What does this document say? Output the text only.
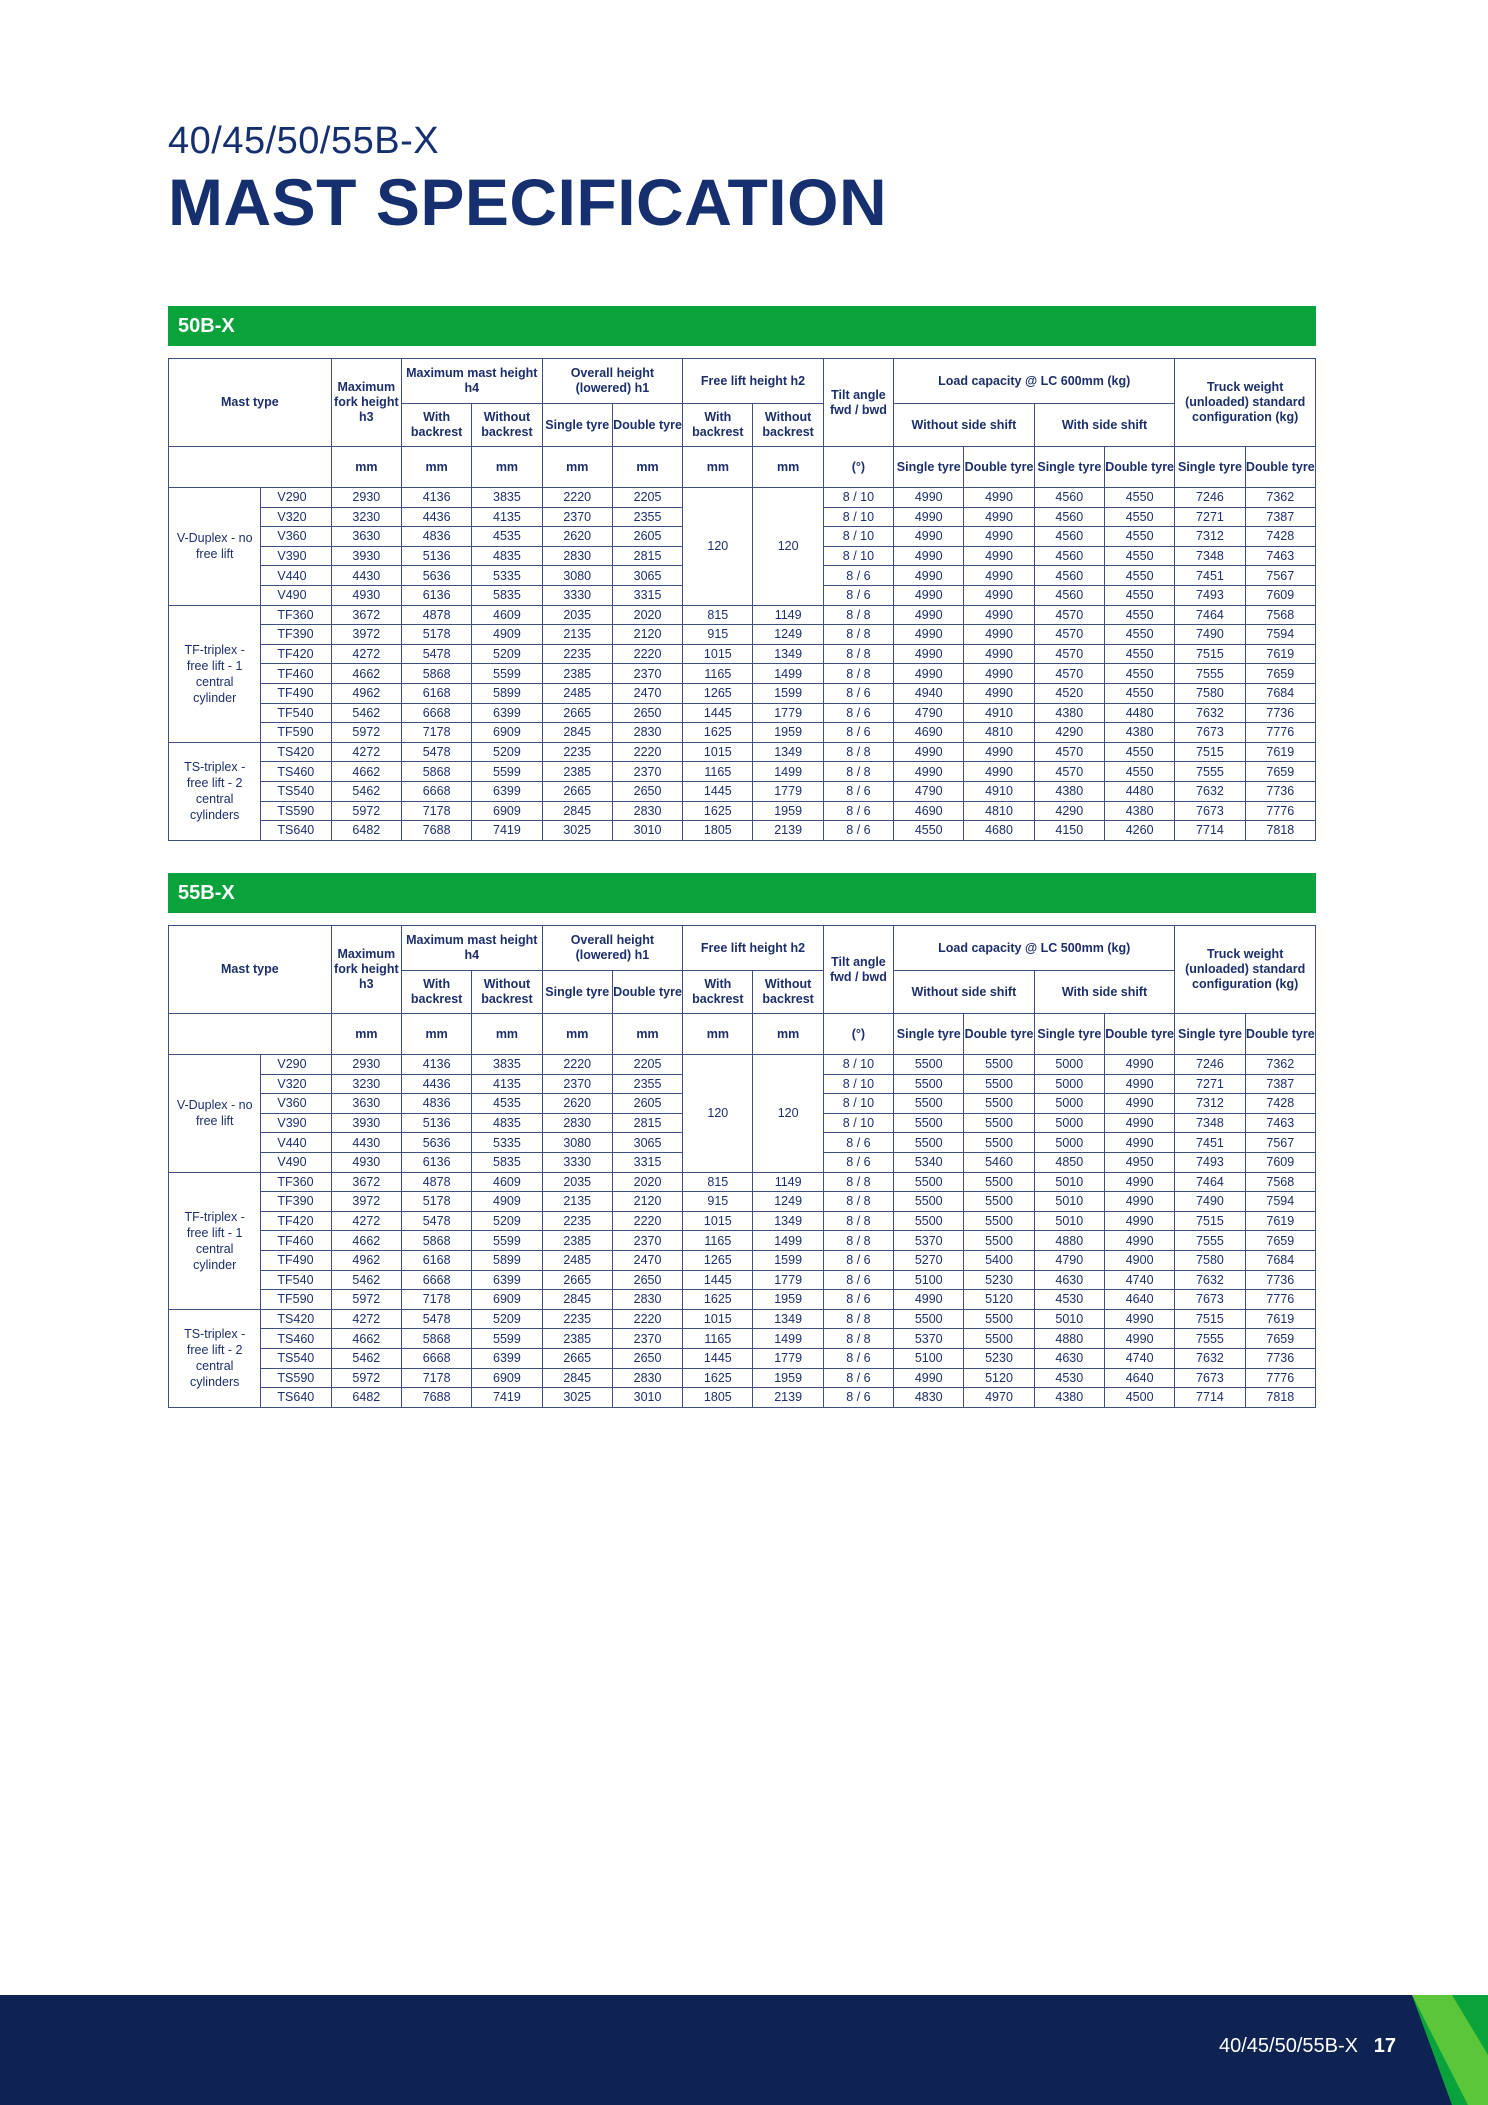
40/45/50/55B-X
MAST SPECIFICATION
50B-X
Mast type		Maximum fork height h3	Maximum mast height h4		Overall height (lowered) h1		Free lift height h2		Tilt angle fwd / bwd	Load capacity @ LC 600mm (kg)				Truck weight (unloaded) standard configuration (kg)	
			With backrest	Without backrest	Single tyre	Double tyre	With backrest	Without backrest		Without side shift		With side shift			
		mm	mm	mm	mm	mm	mm	mm	(°)	Single tyre	Double tyre	Single tyre	Double tyre	Single tyre	Double tyre
V-Duplex - no free lift	V290	2930	4136	3835	2220	2205	120	120	8 / 10	4990	4990	4560	4550	7246	7362
	V320	3230	4436	4135	2370	2355			8 / 10	4990	4990	4560	4550	7271	7387
	V360	3630	4836	4535	2620	2605			8 / 10	4990	4990	4560	4550	7312	7428
	V390	3930	5136	4835	2830	2815			8 / 10	4990	4990	4560	4550	7348	7463
	V440	4430	5636	5335	3080	3065			8 / 6	4990	4990	4560	4550	7451	7567
	V490	4930	6136	5835	3330	3315			8 / 6	4990	4990	4560	4550	7493	7609
TF-triplex - free lift - 1 central cylinder	TF360	3672	4878	4609	2035	2020	815	1149	8 / 8	4990	4990	4570	4550	7464	7568
	TF390	3972	5178	4909	2135	2120	915	1249	8 / 8	4990	4990	4570	4550	7490	7594
	TF420	4272	5478	5209	2235	2220	1015	1349	8 / 8	4990	4990	4570	4550	7515	7619
	TF460	4662	5868	5599	2385	2370	1165	1499	8 / 8	4990	4990	4570	4550	7555	7659
	TF490	4962	6168	5899	2485	2470	1265	1599	8 / 6	4940	4990	4520	4550	7580	7684
	TF540	5462	6668	6399	2665	2650	1445	1779	8 / 6	4790	4910	4380	4480	7632	7736
	TF590	5972	7178	6909	2845	2830	1625	1959	8 / 6	4690	4810	4290	4380	7673	7776
TS-triplex - free lift - 2 central cylinders	TS420	4272	5478	5209	2235	2220	1015	1349	8 / 8	4990	4990	4570	4550	7515	7619
	TS460	4662	5868	5599	2385	2370	1165	1499	8 / 8	4990	4990	4570	4550	7555	7659
	TS540	5462	6668	6399	2665	2650	1445	1779	8 / 6	4790	4910	4380	4480	7632	7736
	TS590	5972	7178	6909	2845	2830	1625	1959	8 / 6	4690	4810	4290	4380	7673	7776
	TS640	6482	7688	7419	3025	3010	1805	2139	8 / 6	4550	4680	4150	4260	7714	7818
55B-X
Mast type		Maximum fork height h3	Maximum mast height h4		Overall height (lowered) h1		Free lift height h2		Tilt angle fwd / bwd	Load capacity @ LC 500mm (kg)				Truck weight (unloaded) standard configuration (kg)	
			With backrest	Without backrest	Single tyre	Double tyre	With backrest	Without backrest		Without side shift		With side shift			
		mm	mm	mm	mm	mm	mm	mm	(°)	Single tyre	Double tyre	Single tyre	Double tyre	Single tyre	Double tyre
V-Duplex - no free lift	V290	2930	4136	3835	2220	2205	120	120	8 / 10	5500	5500	5000	4990	7246	7362
	V320	3230	4436	4135	2370	2355			8 / 10	5500	5500	5000	4990	7271	7387
	V360	3630	4836	4535	2620	2605			8 / 10	5500	5500	5000	4990	7312	7428
	V390	3930	5136	4835	2830	2815			8 / 10	5500	5500	5000	4990	7348	7463
	V440	4430	5636	5335	3080	3065			8 / 6	5500	5500	5000	4990	7451	7567
	V490	4930	6136	5835	3330	3315			8 / 6	5340	5460	4850	4950	7493	7609
TF-triplex - free lift - 1 central cylinder	TF360	3672	4878	4609	2035	2020	815	1149	8 / 8	5500	5500	5010	4990	7464	7568
	TF390	3972	5178	4909	2135	2120	915	1249	8 / 8	5500	5500	5010	4990	7490	7594
	TF420	4272	5478	5209	2235	2220	1015	1349	8 / 8	5500	5500	5010	4990	7515	7619
	TF460	4662	5868	5599	2385	2370	1165	1499	8 / 8	5370	5500	4880	4990	7555	7659
	TF490	4962	6168	5899	2485	2470	1265	1599	8 / 6	5270	5400	4790	4900	7580	7684
	TF540	5462	6668	6399	2665	2650	1445	1779	8 / 6	5100	5230	4630	4740	7632	7736
	TF590	5972	7178	6909	2845	2830	1625	1959	8 / 6	4990	5120	4530	4640	7673	7776
TS-triplex - free lift - 2 central cylinders	TS420	4272	5478	5209	2235	2220	1015	1349	8 / 8	5500	5500	5010	4990	7515	7619
	TS460	4662	5868	5599	2385	2370	1165	1499	8 / 8	5370	5500	4880	4990	7555	7659
	TS540	5462	6668	6399	2665	2650	1445	1779	8 / 6	5100	5230	4630	4740	7632	7736
	TS590	5972	7178	6909	2845	2830	1625	1959	8 / 6	4990	5120	4530	4640	7673	7776
	TS640	6482	7688	7419	3025	3010	1805	2139	8 / 6	4830	4970	4380	4500	7714	7818
40/45/50/55B-X 17
